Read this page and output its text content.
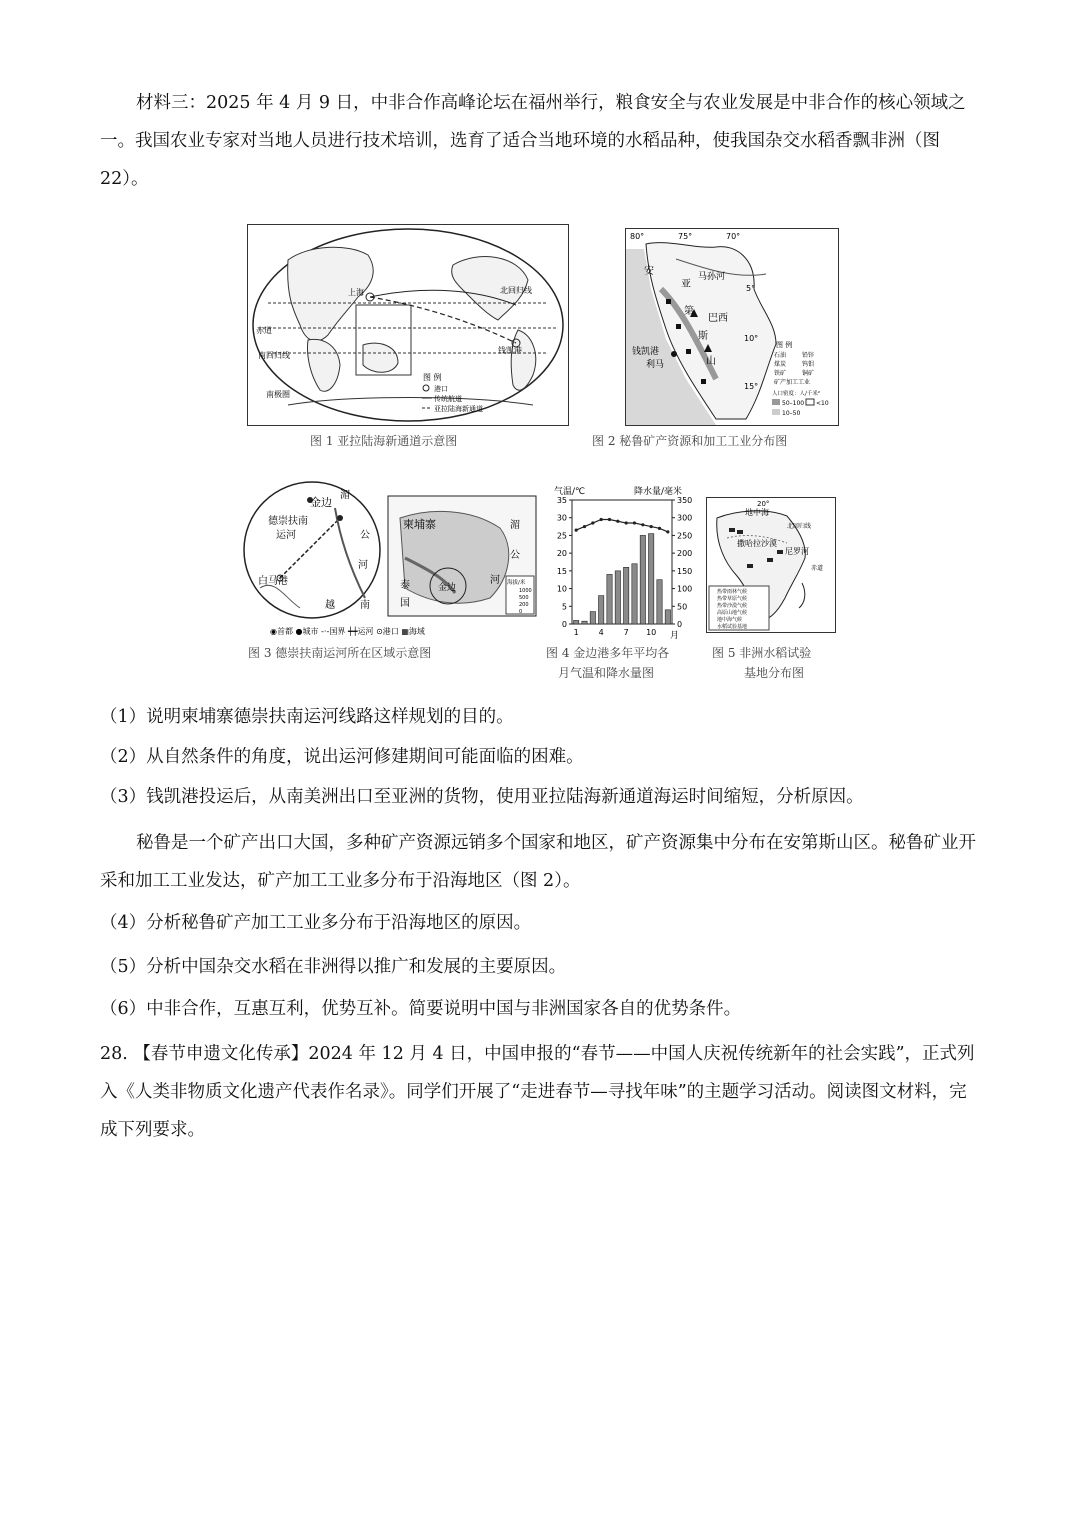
材料三：2025 年 4 月 9 日，中非合作高峰论坛在福州举行，粮食安全与农业发展是中非合作的核心领域之一。我国农业专家对当地人员进行技术培训，选育了适合当地环境的水稻品种，使我国杂交水稻香飘非洲（图 22）。
上海
赤道
南回归线
北回归线
南极圈
钱凯港
图 例
港口
传统航道
亚拉陆海新通道
图 1 亚拉陆海新通道示意图
80°	75°	70°
5°
10°
15°
安
亚
第
斯
山
钱凯港
利马
巴西
马孙河
图 例
石油	铅锌
煤炭	钨钼
铁矿	铜矿
矿产加工工业
人口密度：人/千米²
50–100 <10
10–50
图 2 秘鲁矿产资源和加工工业分布图
金边
德崇扶南
运河
白马港
越	南
湄
公
河
柬埔寨
泰
国
金边
湄
公
河 海拔/米
1000
500
200
0
◉首都 ●城市 -·-国界 ┿┿运河 ⊙港口 ▦海域
图 3 德崇扶南运河所在区域示意图
气温/℃	降水量/毫米
月
0
5
10
15
20
25
30
35
0
50
100
150
200
250
300
350
1 4 7 10
图 4 金边港多年平均各
月气温和降水量图
20°
地中海
撒哈拉沙漠
北回归线
尼罗河
赤道
热带雨林气候
热带草原气候
热带沙漠气候
高原山地气候
地中海气候
水稻试验基地
图 5 非洲水稻试验
基地分布图
（1）说明柬埔寨德崇扶南运河线路这样规划的目的。
（2）从自然条件的角度，说出运河修建期间可能面临的困难。
（3）钱凯港投运后，从南美洲出口至亚洲的货物，使用亚拉陆海新通道海运时间缩短，分析原因。
秘鲁是一个矿产出口大国，多种矿产资源远销多个国家和地区，矿产资源集中分布在安第斯山区。秘鲁矿业开采和加工工业发达，矿产加工工业多分布于沿海地区（图 2）。
（4）分析秘鲁矿产加工工业多分布于沿海地区的原因。
（5）分析中国杂交水稻在非洲得以推广和发展的主要原因。
（6）中非合作，互惠互利，优势互补。简要说明中国与非洲国家各自的优势条件。
28. 【春节申遗文化传承】2024 年 12 月 4 日，中国申报的“春节——中国人庆祝传统新年的社会实践”，正式列入《人类非物质文化遗产代表作名录》。同学们开展了“走进春节—寻找年味”的主题学习活动。阅读图文材料，完成下列要求。
